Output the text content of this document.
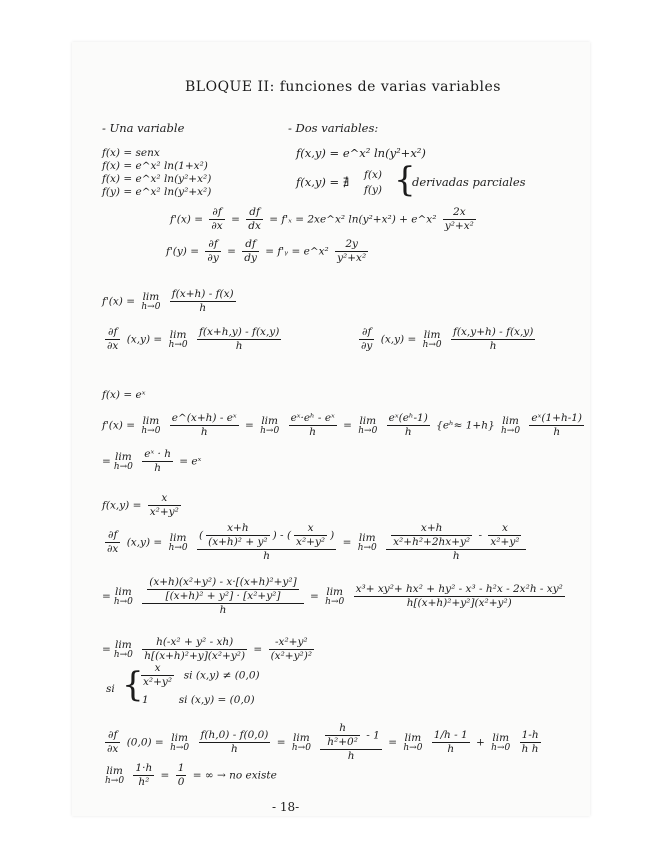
BLOQUE II: funciones de varias variables
- Una variable	- Dos variables:
f(x) = senx
f(x) = e^x² ln(1+x²)
f(x) = e^x² ln(y²+x²)
f(y) = e^x² ln(y²+x²)
f(x,y) = e^x² ln(y²+x²)
f(x,y) = ∄ f(x)
f(y) {
derivadas parciales
$f'(x) = \frac{\partial f}{\partial x} = \frac{df}{dx} = f'_x$ = 2xe^x² ln(y²+x²) + e^x² $\frac{2x}{\text{y²+x²}}$
$f'(y) = \frac{\partial f}{\partial y} = \frac{df}{dy}$ = f'ᵧ = e^x² $\frac{2y}{\text{y²+x²}}$
f'(x) = lim
h→0
$\frac{f(x+h) - f(x)}{h}$
$\frac{\partial f}{\partial x} (x,y) = \lim$
h→0
$\frac{f(x+h,y) - f(x,y)}{h}$	$\frac{\partial f}{\partial y} (x,y) = \lim$
h→0
$\frac{f(x,y+h) - f(x,y)}{h}$
f(x) = eˣ
f'(x) = lim
h→0
$\frac{\text{e\textasciicircum{}(x+h) - eˣ}}{h} = \lim$
h→0
$\frac{\text{eˣ·eʰ - eˣ}}{h} = \lim$
h→0
$\frac{\text{eˣ(eʰ-1)}}{h}$ {eʰ≈ 1+h} lim
h→0
$\frac{\text{eˣ(1+h-1)}}{h}$
= lim
h→0
$\frac{\text{eˣ · h}}{h}$ = eˣ
$f(x,y) = \frac{x}{\text{x²+y²}}$
$\frac{\partial f}{\partial x} (x,y) = \lim$
h→0
$\frac{( \frac{x+h}{\text{(x+h)² + y²}} ) - ( \frac{x}{\text{x²+y²}} )}{h} = \lim$
h→0
$\frac{\frac{x+h}{\text{x²+h²+2hx+y²}} - \frac{x}{\text{x²+y²}}}{h}$
= lim
h→0
$\frac{\frac{\text{(x+h)(x²+y²) - x·[(x+h)²+y²]}}{\text{[(x+h)² + y²] · [x²+y²]}}}{h} = \lim$
h→0
$\frac{\text{x³+ xy²+ hx² + hy² - x³ - h²x - 2x²h - xy²}}{\text{h[(x+h)²+y²](x²+y²)}}$
= lim
h→0
$\frac{\text{h(-x² + y² - xh)}}{\text{h[(x+h)²+y](x²+y²)}} = \frac{\text{-x²+y²}}{\text{(x²+y²)²}}$
si {
$\frac{x}{\text{x²+y²}}$ si (x,y) ≠ (0,0)
1	si (x,y) = (0,0)
$\frac{\partial f}{\partial x} (0,0) = \lim$
h→0
$\frac{f(h,0) - f(0,0)}{h} = \lim$
h→0
$\frac{\frac{h}{\text{h²+0²}} - 1}{h} = \lim$
h→0
$\frac{1/h - 1}{h} + \lim$
h→0
$\frac{1-h}{\text{h h}}$
lim
h→0
$\frac{1\cdot h}{\text{h²}} = \frac{1}{0}$ = ∞ → no existe
- 18-
